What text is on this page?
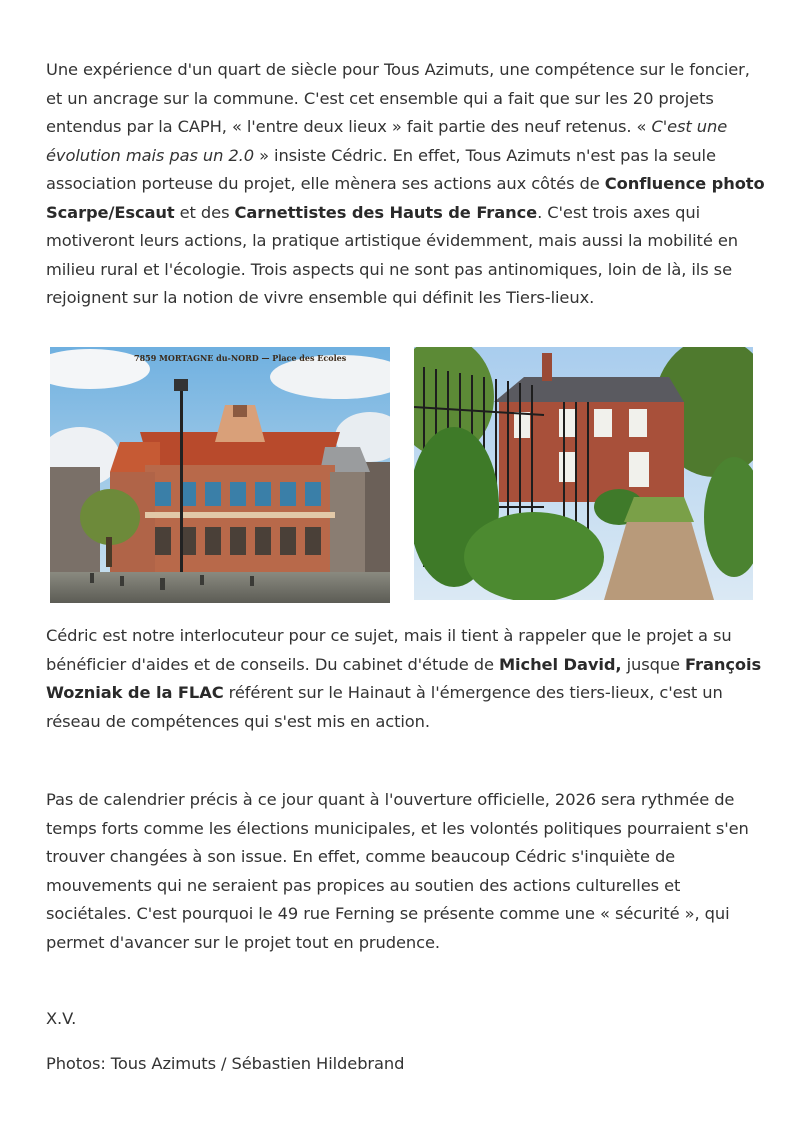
Une expérience d'un quart de siècle pour Tous Azimuts, une compétence sur le foncier, et un ancrage sur la commune. C'est cet ensemble qui a fait que sur les 20 projets entendus par la CAPH, « l'entre deux lieux » fait partie des neuf retenus. « C'est une évolution mais pas un 2.0 » insiste Cédric. En effet, Tous Azimuts n'est pas la seule association porteuse du projet, elle mènera ses actions aux côtés de Confluence photo Scarpe/Escaut et des Carnettistes des Hauts de France. C'est trois axes qui motiveront leurs actions, la pratique artistique évidemment, mais aussi la mobilité en milieu rural et l'écologie. Trois aspects qui ne sont pas antinomiques, loin de là, ils se rejoignent sur la notion de vivre ensemble qui définit les Tiers-lieux.

7859 MORTAGNE du-NORD — Place des Ecoles

Cédric est notre interlocuteur pour ce sujet, mais il tient à rappeler que le projet a su bénéficier d'aides et de conseils. Du cabinet d'étude de Michel David, jusque François Wozniak de la FLAC référent sur le Hainaut à l'émergence des tiers-lieux, c'est un réseau de compétences qui s'est mis en action.

Pas de calendrier précis à ce jour quant à l'ouverture officielle, 2026 sera rythmée de temps forts comme les élections municipales, et les volontés politiques pourraient s'en trouver changées à son issue. En effet, comme beaucoup Cédric s'inquiète de mouvements qui ne seraient pas propices au soutien des actions culturelles et sociétales. C'est pourquoi le 49 rue Ferning se présente comme une « sécurité », qui permet d'avancer sur le projet tout en prudence.

X.V.

Photos: Tous Azimuts / Sébastien Hildebrand
